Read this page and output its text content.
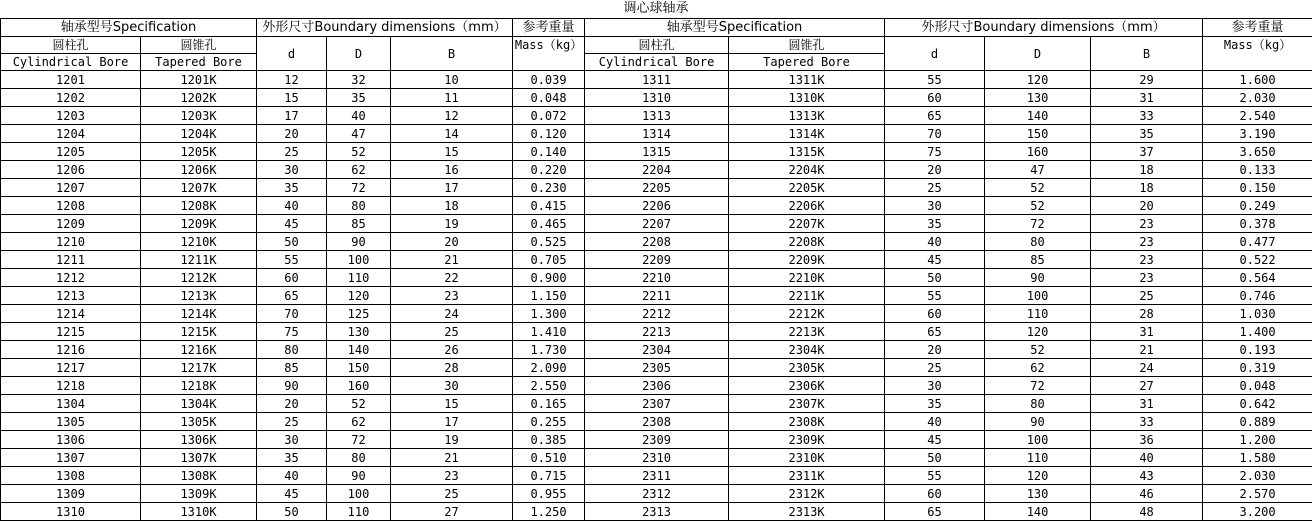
调心球轴承
轴承型号Specification		外形尺寸Boundary dimensions（mm）			参考重量	轴承型号Specification		外形尺寸Boundary dimensions（mm）			参考重量
圆柱孔	圆锥孔	d	D	B	Mass（kg）	圆柱孔	圆锥孔	d	D	B	Mass（kg）
Cylindrical Bore	Tapered Bore					Cylindrical Bore	Tapered Bore				
1201	1201K	12	32	10	0.039	1311	1311K	55	120	29	1.600
1202	1202K	15	35	11	0.048	1310	1310K	60	130	31	2.030
1203	1203K	17	40	12	0.072	1313	1313K	65	140	33	2.540
1204	1204K	20	47	14	0.120	1314	1314K	70	150	35	3.190
1205	1205K	25	52	15	0.140	1315	1315K	75	160	37	3.650
1206	1206K	30	62	16	0.220	2204	2204K	20	47	18	0.133
1207	1207K	35	72	17	0.230	2205	2205K	25	52	18	0.150
1208	1208K	40	80	18	0.415	2206	2206K	30	52	20	0.249
1209	1209K	45	85	19	0.465	2207	2207K	35	72	23	0.378
1210	1210K	50	90	20	0.525	2208	2208K	40	80	23	0.477
1211	1211K	55	100	21	0.705	2209	2209K	45	85	23	0.522
1212	1212K	60	110	22	0.900	2210	2210K	50	90	23	0.564
1213	1213K	65	120	23	1.150	2211	2211K	55	100	25	0.746
1214	1214K	70	125	24	1.300	2212	2212K	60	110	28	1.030
1215	1215K	75	130	25	1.410	2213	2213K	65	120	31	1.400
1216	1216K	80	140	26	1.730	2304	2304K	20	52	21	0.193
1217	1217K	85	150	28	2.090	2305	2305K	25	62	24	0.319
1218	1218K	90	160	30	2.550	2306	2306K	30	72	27	0.048
1304	1304K	20	52	15	0.165	2307	2307K	35	80	31	0.642
1305	1305K	25	62	17	0.255	2308	2308K	40	90	33	0.889
1306	1306K	30	72	19	0.385	2309	2309K	45	100	36	1.200
1307	1307K	35	80	21	0.510	2310	2310K	50	110	40	1.580
1308	1308K	40	90	23	0.715	2311	2311K	55	120	43	2.030
1309	1309K	45	100	25	0.955	2312	2312K	60	130	46	2.570
1310	1310K	50	110	27	1.250	2313	2313K	65	140	48	3.200
